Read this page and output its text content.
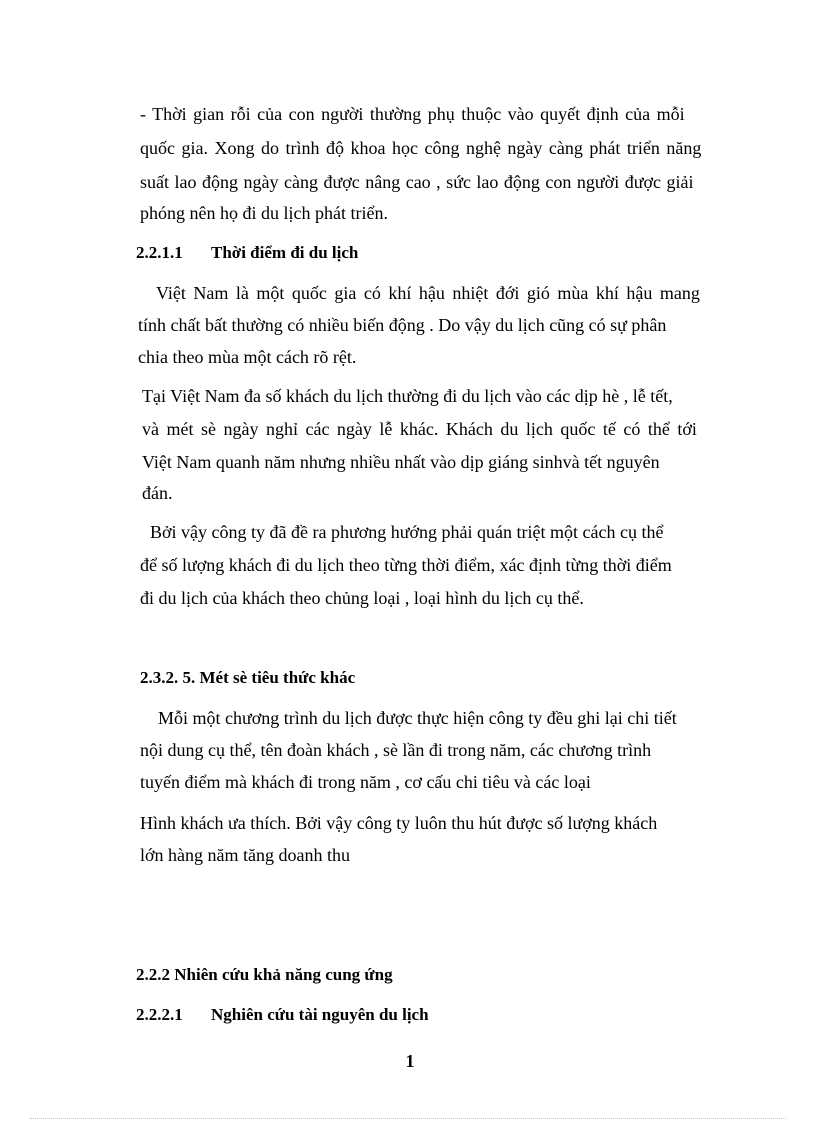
- Thời gian rỗi của con người thường phụ thuộc vào quyết định của mỗi
quốc gia. Xong do trình độ khoa học công nghệ ngày càng phát triển năng
suất lao động ngày càng được nâng cao , sức lao động con người được giải
phóng nên họ đi du lịch phát triển.
2.2.1.1 Thời điểm đi du lịch
Việt Nam là một quốc gia có khí hậu nhiệt đới gió mùa khí hậu mang
tính chất bất thường có nhiều biến động . Do vậy du lịch cũng có sự phân
chia theo mùa một cách rõ rệt.
Tại Việt Nam đa số khách du lịch thường đi du lịch vào các dịp hè , lễ tết,
và mét sè ngày nghỉ các ngày lễ khác. Khách du lịch quốc tế có thể tới
Việt Nam quanh năm nhưng nhiều nhất vào dịp giáng sinhvà tết nguyên
đán.
Bởi vậy công ty đã đề ra phương hướng phải quán triệt một cách cụ thể
để số lượng khách đi du lịch theo từng thời điểm, xác định từng thời điểm
đi du lịch của khách theo chủng loại , loại hình du lịch cụ thể.
2.3.2. 5. Mét sè tiêu thức khác
Mỗi một chương trình du lịch được thực hiện công ty đều ghi lại chi tiết
nội dung cụ thể, tên đoàn khách , sè lần đi trong năm, các chương trình
tuyến điểm mà khách đi trong năm , cơ cấu chi tiêu và các loại
Hình khách ưa thích. Bởi vậy công ty luôn thu hút được số lượng khách
lớn hàng năm tăng doanh thu
2.2.2 Nhiên cứu khả năng cung ứng
2.2.2.1 Nghiên cứu tài nguyên du lịch
1
